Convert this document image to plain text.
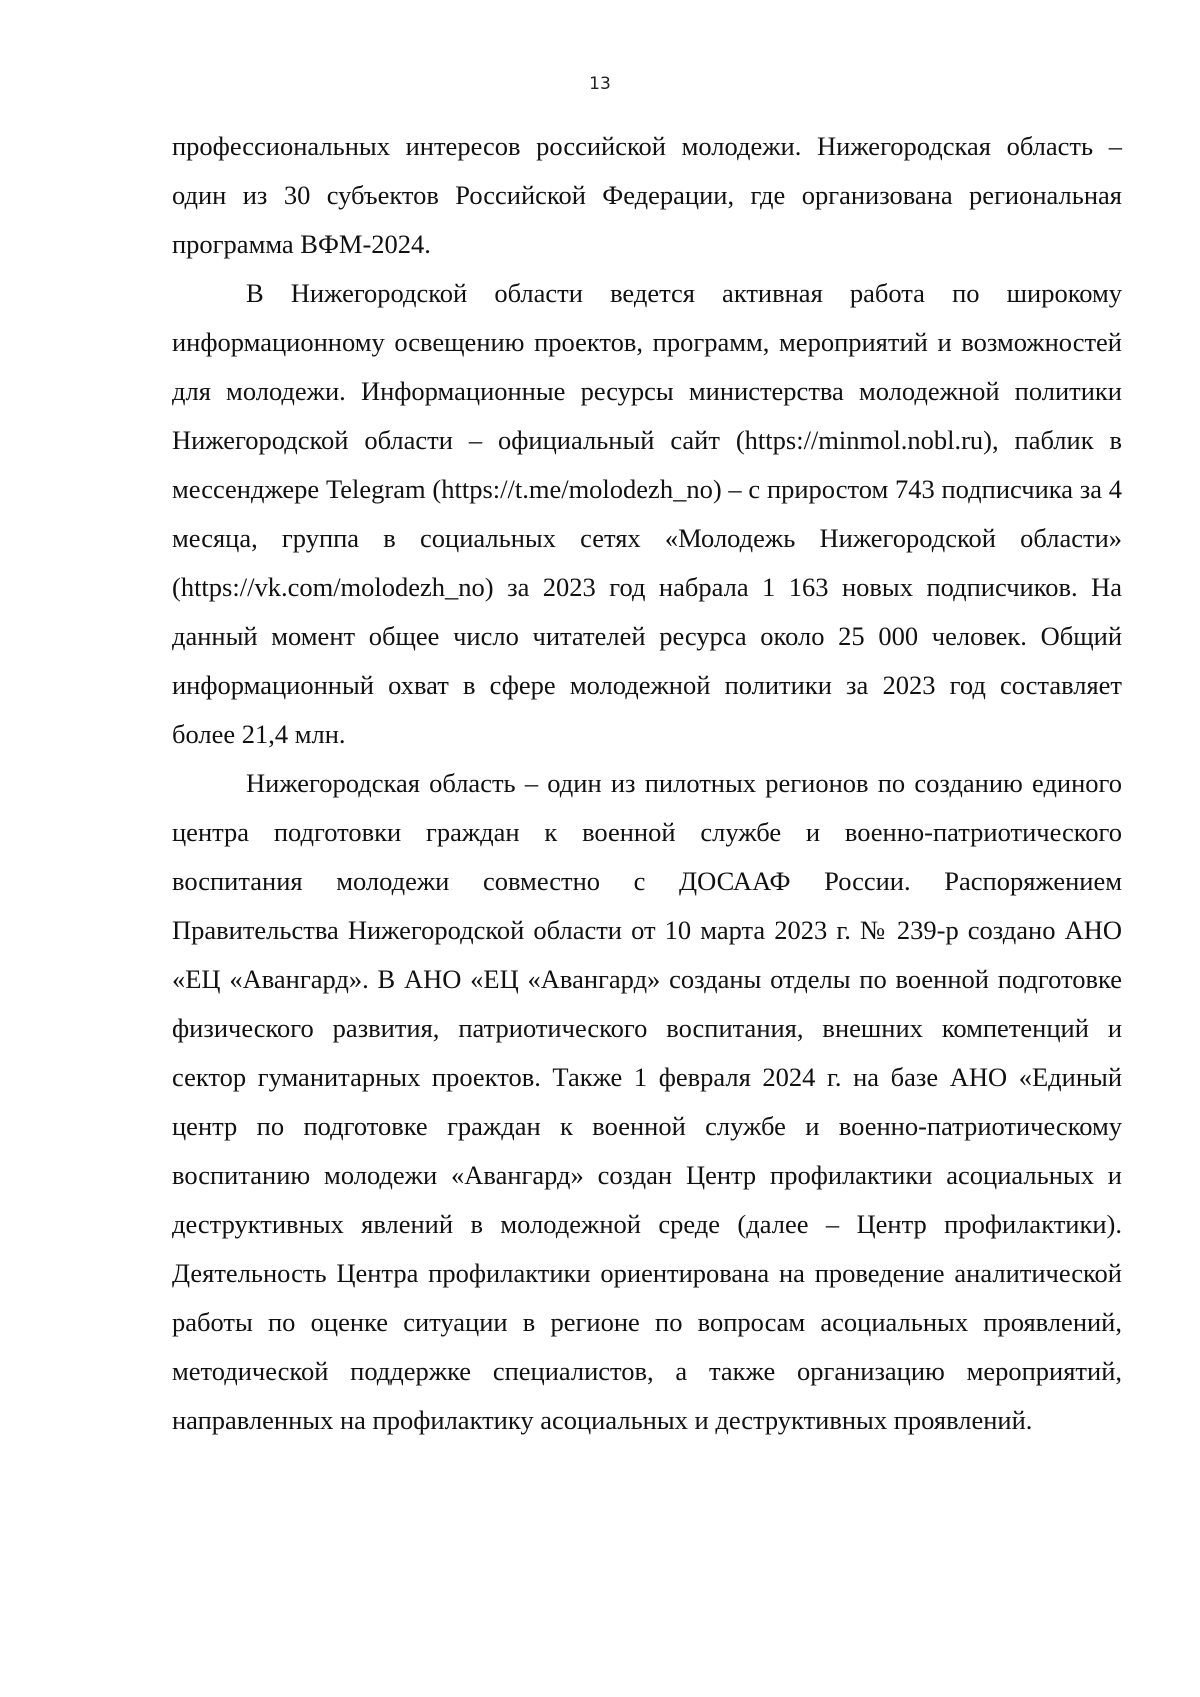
13

профессиональных интересов российской молодежи. Нижегородская область – один из 30 субъектов Российской Федерации, где организована региональная программа ВФМ-2024.

В Нижегородской области ведется активная работа по широкому информационному освещению проектов, программ, мероприятий и возможностей для молодежи. Информационные ресурсы министерства молодежной политики Нижегородской области – официальный сайт (https://minmol.nobl.ru), паблик в мессенджере Telegram (https://t.me/molodezh_no) – с приростом 743 подписчика за 4 месяца, группа в социальных сетях «Молодежь Нижегородской области» (https://vk.com/molodezh_no) за 2023 год набрала 1 163 новых подписчиков. На данный момент общее число читателей ресурса около 25 000 человек. Общий информационный охват в сфере молодежной политики за 2023 год составляет более 21,4 млн.

Нижегородская область – один из пилотных регионов по созданию единого центра подготовки граждан к военной службе и военно-патриотического воспитания молодежи совместно с ДОСААФ России. Распоряжением Правительства Нижегородской области от 10 марта 2023 г. № 239-р создано АНО «ЕЦ «Авангард». В АНО «ЕЦ «Авангард» созданы отделы по военной подготовке физического развития, патриотического воспитания, внешних компетенций и сектор гуманитарных проектов. Также 1 февраля 2024 г. на базе АНО «Единый центр по подготовке граждан к военной службе и военно-патриотическому воспитанию молодежи «Авангард» создан Центр профилактики асоциальных и деструктивных явлений в молодежной среде (далее – Центр профилактики). Деятельность Центра профилактики ориентирована на проведение аналитической работы по оценке ситуации в регионе по вопросам асоциальных проявлений, методической поддержке специалистов, а также организацию мероприятий, направленных на профилактику асоциальных и деструктивных проявлений.
